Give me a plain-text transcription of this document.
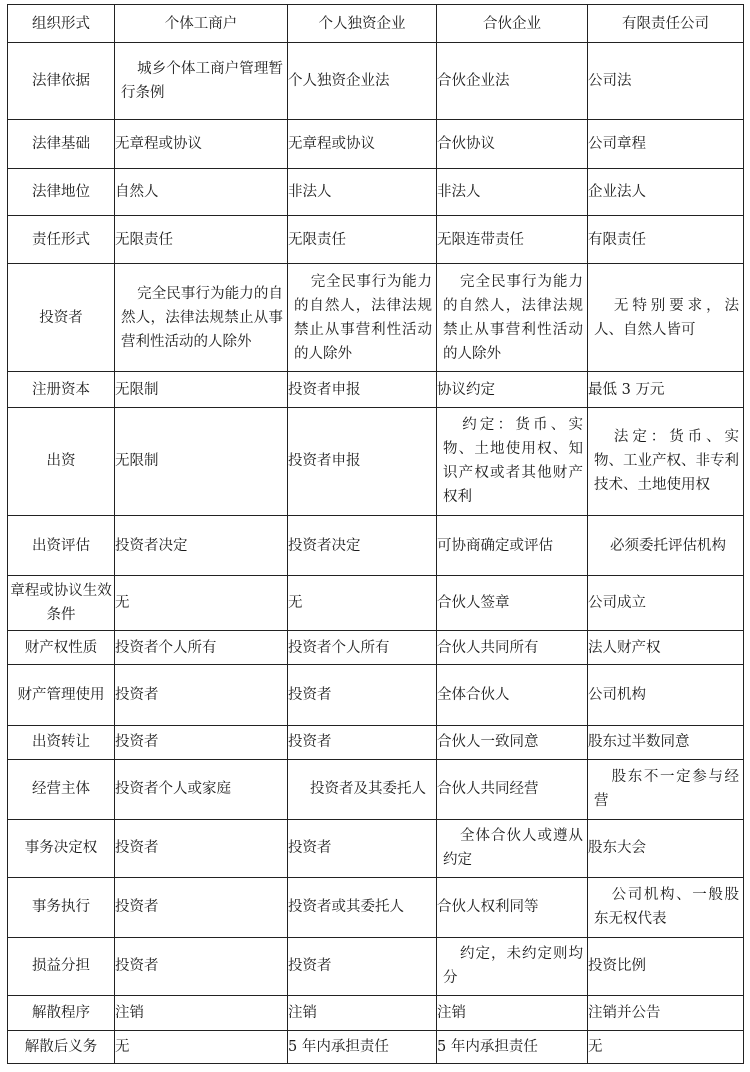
组织形式	个体工商户	个人独资企业	合伙企业	有限责任公司
法律依据	城乡个体工商户管理暂行条例	个人独资企业法	合伙企业法	公司法
法律基础	无章程或协议	无章程或协议	合伙协议	公司章程
法律地位	自然人	非法人	非法人	企业法人
责任形式	无限责任	无限责任	无限连带责任	有限责任
投资者	完全民事行为能力的自然人，法律法规禁止从事营利性活动的人除外	完全民事行为能力的自然人，法律法规禁止从事营利性活动的人除外	完全民事行为能力的自然人，法律法规禁止从事营利性活动的人除外	无特别要求，法人、自然人皆可
注册资本	无限制	投资者申报	协议约定	最低 3 万元
出资	无限制	投资者申报	约定：货币、实物、土地使用权、知识产权或者其他财产权利	法定：货币、实物、工业产权、非专利技术、土地使用权
出资评估	投资者决定	投资者决定	可协商确定或评估	必须委托评估机构
章程或协议生效条件	无	无	合伙人签章	公司成立
财产权性质	投资者个人所有	投资者个人所有	合伙人共同所有	法人财产权
财产管理使用	投资者	投资者	全体合伙人	公司机构
出资转让	投资者	投资者	合伙人一致同意	股东过半数同意
经营主体	投资者个人或家庭	投资者及其委托人	合伙人共同经营	股东不一定参与经营
事务决定权	投资者	投资者	全体合伙人或遵从约定	股东大会
事务执行	投资者	投资者或其委托人	合伙人权利同等	公司机构、一般股东无权代表
损益分担	投资者	投资者	约定，未约定则均分	投资比例
解散程序	注销	注销	注销	注销并公告
解散后义务	无	5 年内承担责任	5 年内承担责任	无
